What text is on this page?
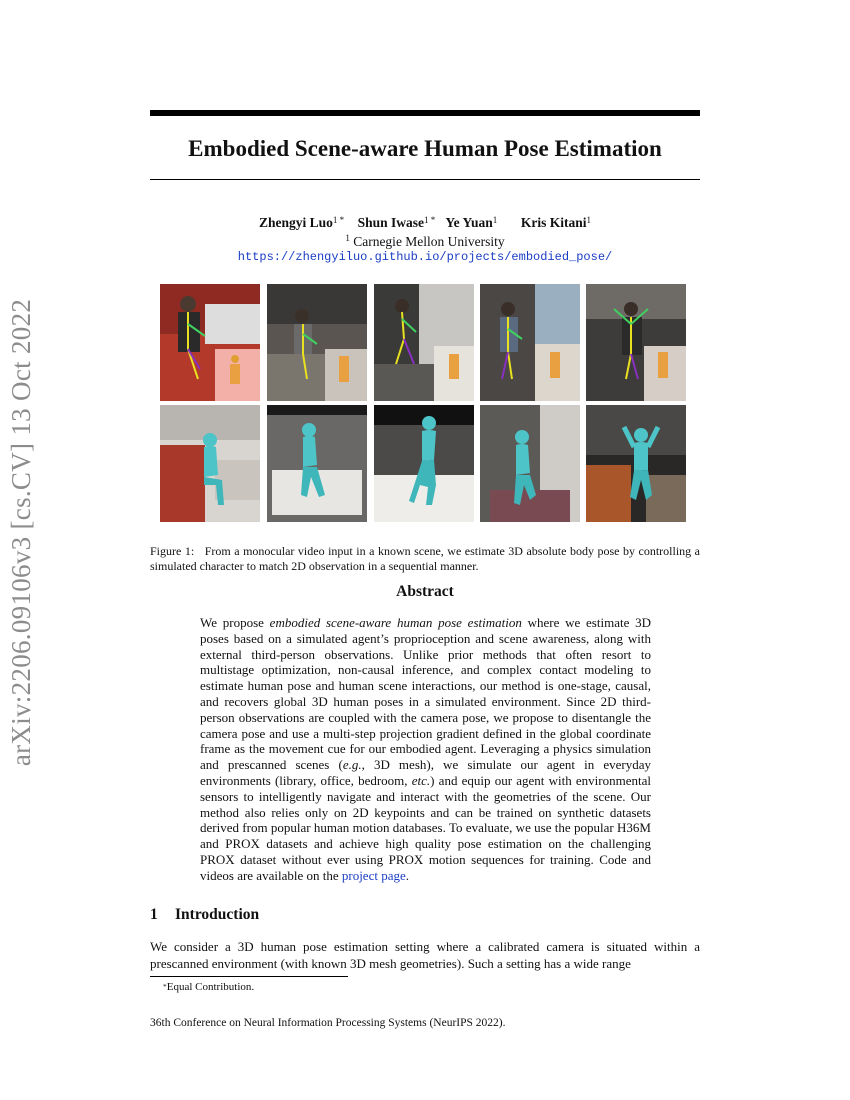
arXiv:2206.09106v3 [cs.CV] 13 Oct 2022
Embodied Scene-aware Human Pose Estimation
Zhengyi Luo$^{1 *}$ Shun Iwase$^{1 *}$ Ye Yuan$^1$ Kris Kitani$^1$
$^1$ Carnegie Mellon University
https://zhengyiluo.github.io/projects/embodied_pose/
Figure 1: From a monocular video input in a known scene, we estimate 3D absolute body pose by controlling a simulated character to match 2D observation in a sequential manner.
Abstract
We propose embodied scene-aware human pose estimation where we estimate 3D poses based on a simulated agent’s proprioception and scene awareness, along with external third-person observations. Unlike prior methods that often resort to multistage optimization, non-causal inference, and complex contact modeling to estimate human pose and human scene interactions, our method is one-stage, causal, and recovers global 3D human poses in a simulated environment. Since 2D third-person observations are coupled with the camera pose, we propose to disentangle the camera pose and use a multi-step projection gradient defined in the global coordinate frame as the movement cue for our embodied agent. Leveraging a physics simulation and prescanned scenes (e.g., 3D mesh), we simulate our agent in everyday environments (library, office, bedroom, etc.) and equip our agent with environmental sensors to intelligently navigate and interact with the geometries of the scene. Our method also relies only on 2D keypoints and can be trained on synthetic datasets derived from popular human motion databases. To evaluate, we use the popular H36M and PROX datasets and achieve high quality pose estimation on the challenging PROX dataset without ever using PROX motion sequences for training. Code and videos are available on the project page.
1 Introduction
We consider a 3D human pose estimation setting where a calibrated camera is situated within a prescanned environment (with known 3D mesh geometries). Such a setting has a wide range
*Equal Contribution.
36th Conference on Neural Information Processing Systems (NeurIPS 2022).
